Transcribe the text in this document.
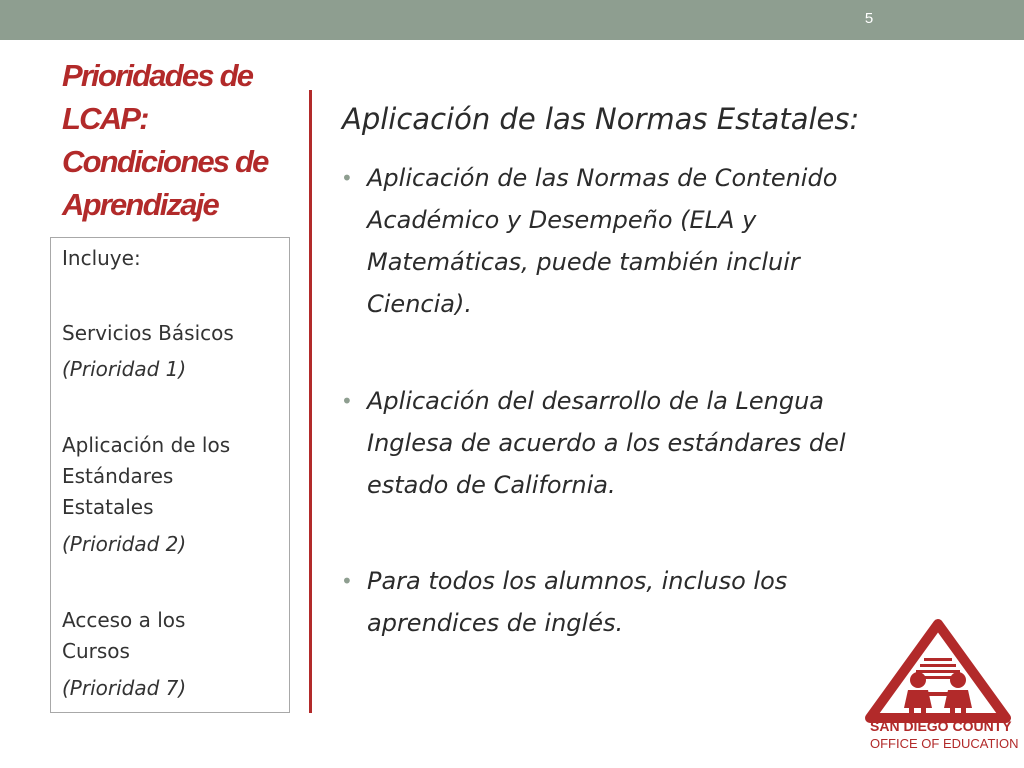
5
Prioridades de
LCAP:
Condiciones de
Aprendizaje
Incluye:
Servicios Básicos
(Prioridad 1)
Aplicación de los
Estándares
Estatales
(Prioridad 2)
Acceso a los
Cursos
(Prioridad 7)
Aplicación de las Normas Estatales:
• Aplicación de las Normas de Contenido
Académico y Desempeño (ELA y
Matemáticas, puede también incluir
Ciencia).
• Aplicación del desarrollo de la Lengua
Inglesa de acuerdo a los estándares del
estado de California.
• Para todos los alumnos, incluso los
aprendices de inglés.
SAN DIEGO COUNTY
OFFICE OF EDUCATION
